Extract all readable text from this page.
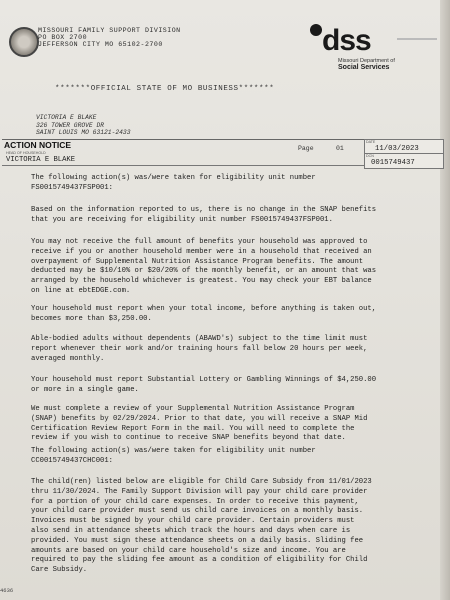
MISSOURI FAMILY SUPPORT DIVISION
PO BOX 2700
JEFFERSON CITY MO 65102-2700	dss
Missouri Department of
Social Services
*******OFFICIAL STATE OF MO BUSINESS*******
VICTORIA E BLAKE
326 TOWER GROVE DR
SAINT LOUIS MO 63121-2433
ACTION NOTICE
HEAD OF HOUSEHOLD
VICTORIA E BLAKE
Page	01
DATE
11/03/2023
DCN
0015749437
The following action(s) was/were taken for eligibility unit number
FS0015749437FSP001:
Based on the information reported to us, there is no change in the SNAP benefits
that you are receiving for eligibility unit number FS0015749437FSP001.
You may not receive the full amount of benefits your household was approved to
receive if you or another household member were in a household that received an
overpayment of Supplemental Nutrition Assistance Program benefits. The amount
deducted may be $10/10% or $20/20% of the monthly benefit, or an amount that was
arranged by the household whichever is greatest. You may check your EBT balance
on line at ebtEDGE.com.
Your household must report when your total income, before anything is taken out,
becomes more than $3,250.00.
Able-bodied adults without dependents (ABAWD's) subject to the time limit must
report whenever their work and/or training hours fall below 20 hours per week,
averaged monthly.
Your household must report Substantial Lottery or Gambling Winnings of $4,250.00
or more in a single game.
We must complete a review of your Supplemental Nutrition Assistance Program
(SNAP) benefits by 02/29/2024. Prior to that date, you will receive a SNAP Mid
Certification Review Report Form in the mail. You will need to complete the
review if you wish to continue to receive SNAP benefits beyond that date.
The following action(s) was/were taken for eligibility unit number
CC0015749437CHC001:
The child(ren) listed below are eligible for Child Care Subsidy from 11/01/2023
thru 11/30/2024. The Family Support Division will pay your child care provider
for a portion of your child care expenses. In order to receive this payment,
your child care provider must send us child care invoices on a monthly basis.
Invoices must be signed by your child care provider. Certain providers must
also send in attendance sheets which track the hours and days when care is
provided. You must sign these attendance sheets on a daily basis. Sliding fee
amounts are based on your child care household's size and income. You are
required to pay the sliding fee amount as a condition of eligibility for Child
Care Subsidy.
4636
